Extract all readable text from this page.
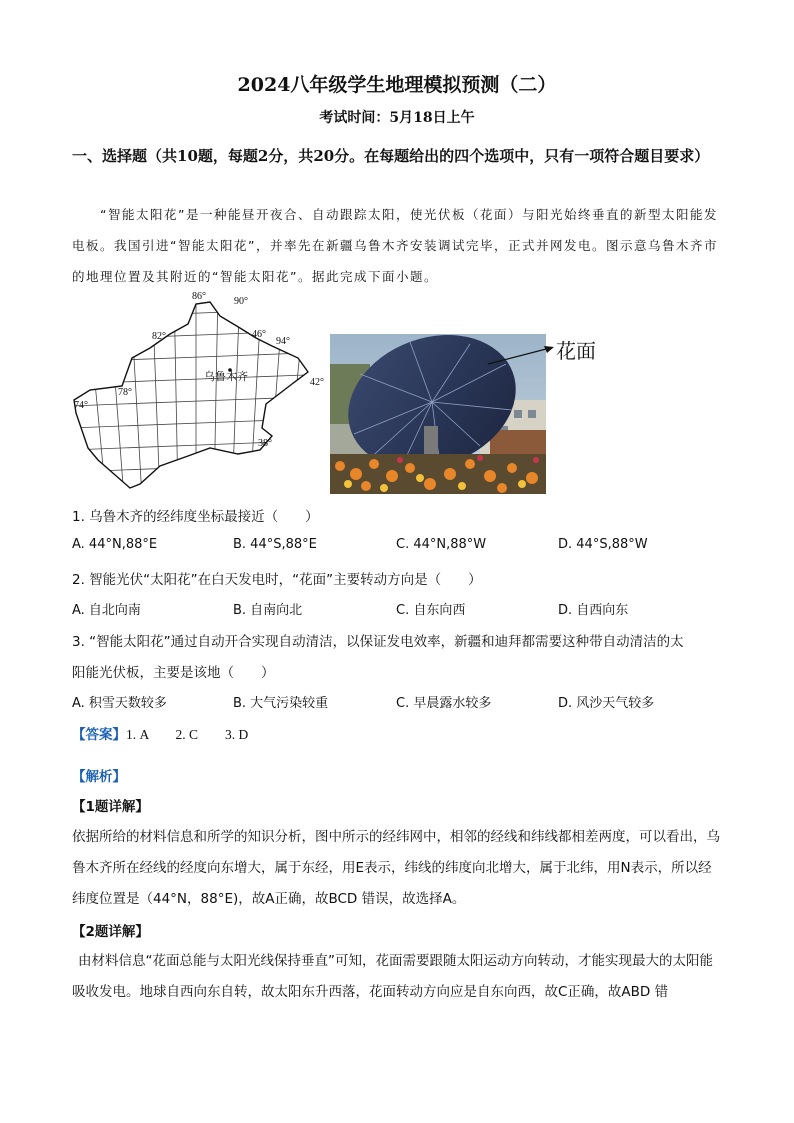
2024八年级学生地理模拟预测（二）
考试时间：5月18日上午
一、选择题（共10题，每题2分，共20分。在每题给出的四个选项中，只有一项符合题目要求）
“智能太阳花”是一种能昼开夜合、自动跟踪太阳，使光伏板（花面）与阳光始终垂直的新型太阳能发电板。我国引进“智能太阳花”，并率先在新疆乌鲁木齐安装调试完毕，正式并网发电。图示意乌鲁木齐市的地理位置及其附近的“智能太阳花”。据此完成下面小题。
86°	90°
82°	94°
78°
74°
46°
42°
38°
乌鲁木齐
花面
1. 乌鲁木齐的经纬度坐标最接近（　　）
A. 44°N,88°E	B. 44°S,88°E	C. 44°N,88°W	D. 44°S,88°W
2. 智能光伏“太阳花”在白天发电时，“花面”主要转动方向是（　　）
A. 自北向南	B. 自南向北	C. 自东向西	D. 自西向东
3. “智能太阳花”通过自动开合实现自动清洁，以保证发电效率，新疆和迪拜都需要这种带自动清洁的太
阳能光伏板，主要是该地（　　）
A. 积雪天数较多	B. 大气污染较重	C. 早晨露水较多	D. 风沙天气较多
【答案】1. A　　2. C　　3. D
【解析】
【1题详解】
依据所给的材料信息和所学的知识分析，图中所示的经纬网中，相邻的经线和纬线都相差两度，可以看出，乌鲁木齐所在经线的经度向东增大，属于东经，用E表示，纬线的纬度向北增大，属于北纬，用N表示，所以经纬度位置是（44°N，88°E)，故A正确，故BCD 错误，故选择A。
【2题详解】
由材料信息“花面总能与太阳光线保持垂直”可知，花面需要跟随太阳运动方向转动，才能实现最大的太阳能吸收发电。地球自西向东自转，故太阳东升西落，花面转动方向应是自东向西，故C正确，故ABD 错
